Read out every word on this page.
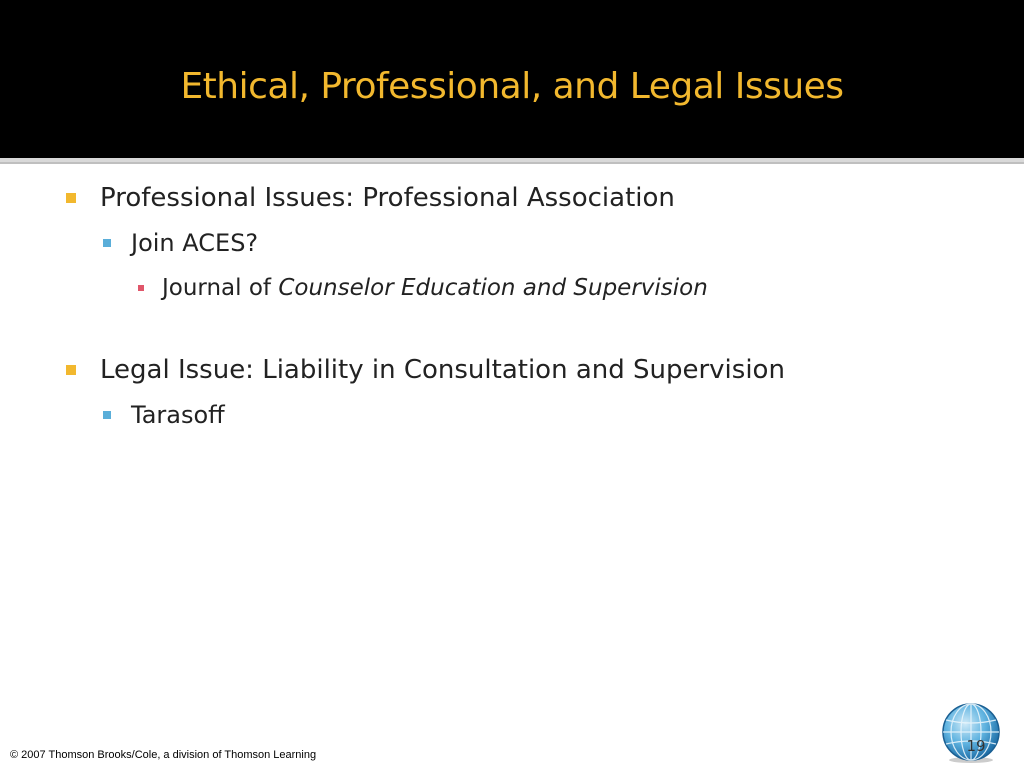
Ethical, Professional, and Legal Issues
Professional Issues: Professional Association
Join ACES?
Journal of Counselor Education and Supervision
Legal Issue: Liability in Consultation and Supervision
Tarasoff
© 2007 Thomson Brooks/Cole, a division of Thomson Learning	19
